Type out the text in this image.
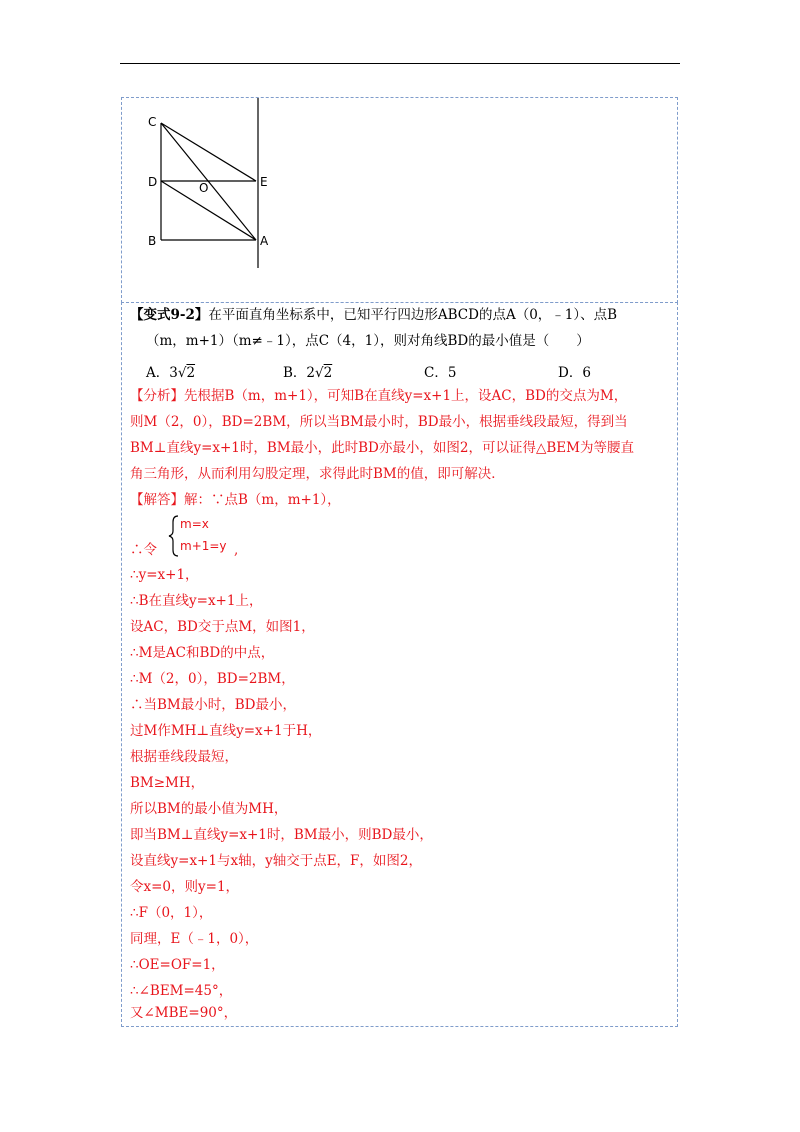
C
D
B
O	E
A
【变式9-2】在平面直角坐标系中，已知平行四边形ABCD的点A（0，﹣1）、点B
（m，m+1）（m≠﹣1），点C（4，1），则对角线BD的最小值是（　　）
A．3√2	B．2√2	C．5	D．6
【分析】先根据B（m，m+1），可知B在直线y=x+1上，设AC，BD的交点为M，
则M（2，0），BD=2BM，所以当BM最小时，BD最小，根据垂线段最短，得到当
BM⊥直线y=x+1时，BM最小，此时BD亦最小，如图2，可以证得△BEM为等腰直
角三角形，从而利用勾股定理，求得此时BM的值，即可解决．
【解答】解：∵点B（m，m+1），
m=x
m+1=y
∴令	,
∴y=x+1，
∴B在直线y=x+1上，
设AC，BD交于点M，如图1，
∴M是AC和BD的中点，
∴M（2，0），BD=2BM，
∴当BM最小时，BD最小，
过M作MH⊥直线y=x+1于H，
根据垂线段最短，
BM≥MH，
所以BM的最小值为MH，
即当BM⊥直线y=x+1时，BM最小，则BD最小，
设直线y=x+1与x轴，y轴交于点E，F，如图2，
令x=0，则y=1，
∴F（0，1），
同理，E（﹣1，0），
∴OE=OF=1，
∴∠BEM=45°，
又∠MBE=90°，
